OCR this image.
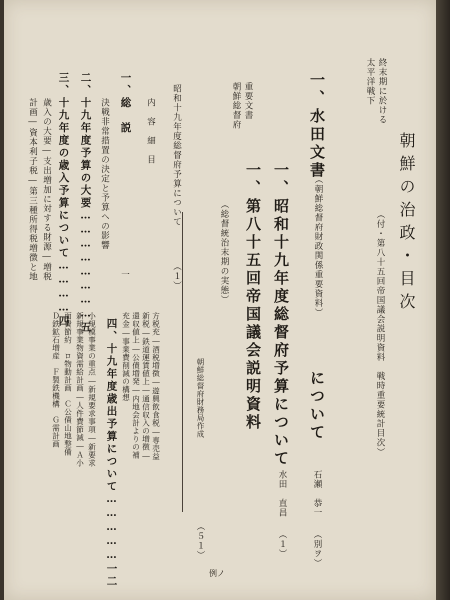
太平洋戦下 終末期に於ける
朝鮮の治政・目次
（付・第八十五回帝国議会説明資料　戦時重要統計目次）
一、水田文書
（朝鮮総督府財政関係重要資料）
について
石瀬　恭一
（別ヲ）
朝鮮総督府 重要文書
一、昭和十九年度総督府予算について
水田　直昌
（１）
一、第八十五回帝国議会説明資料
（総督統治末期の実態）
朝鮮総督府財務局作成
（５１）
昭和十九年度総督府予算について
（１）
内　容　細　目
一、総　説
一
決戦非常措置の決定と予算への影響
二、十九年度予算の大要……………………五
三、十九年度の歳入予算について…………四
歳入の大要―支出増加に対する財源―増税
計画―資本利子税―第三種所得税増徴と地
四、十九年度歳出予算について……………一二	方税充―酒税増徴―遊興飲食税―専売益
新税―鉄道運賃値上―通信収入の増徴―
還収値上―公債増発―内地会計よりの補
充金―事業費削減の構想
小規模事業の重点―新規要求事項―新要求
新規事業物資需給計画―人件費節減―Ａ小
面費節約　ロ物動計画　Ｃ公債山地整備
Ｄ鉄鉱石増産　Ｆ製鉄機構　Ｇ需計画
例ノ
